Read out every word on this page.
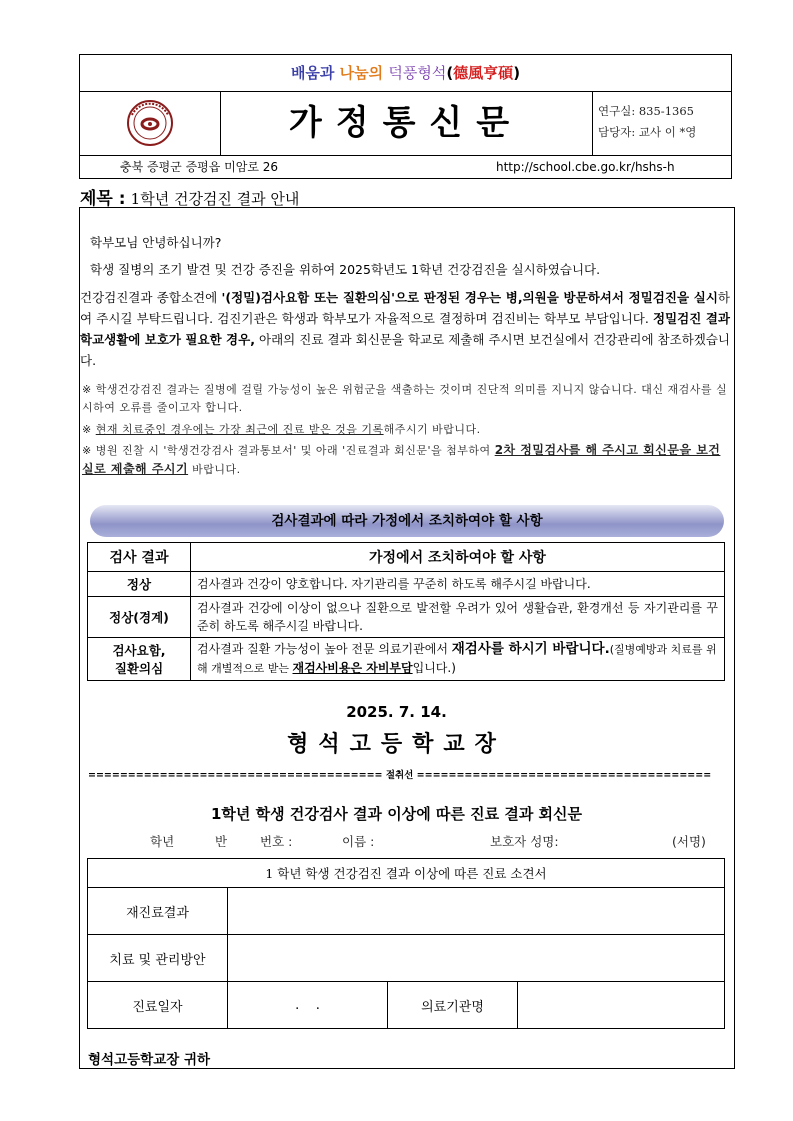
배움과 나눔의 덕풍형석(德風亨碩)
가정통신문	연구실: 835-1365
담당자: 교사 이 *영
충북 증평군 증평읍 미암로 26	http://school.cbe.go.kr/hshs-h
제목 : 1학년 건강검진 결과 안내
학부모님 안녕하십니까?
학생 질병의 조기 발견 및 건강 증진을 위하여 2025학년도 1학년 건강검진을 실시하였습니다.
건강검진결과 종합소견에 '(정밀)검사요함 또는 질환의심'으로 판정된 경우는 병,의원을 방문하셔서 정밀검진을 실시하여 주시길 부탁드립니다. 검진기관은 학생과 학부모가 자율적으로 결정하며 검진비는 학부모 부담입니다. 정밀검진 결과 학교생활에 보호가 필요한 경우, 아래의 진료 결과 회신문을 학교로 제출해 주시면 보건실에서 건강관리에 참조하겠습니다.
※ 학생건강검진 결과는 질병에 걸릴 가능성이 높은 위험군을 색출하는 것이며 진단적 의미를 지니지 않습니다. 대신 재검사를 실시하여 오류를 줄이고자 합니다.
※ 현재 치료중인 경우에는 가장 최근에 진료 받은 것을 기록해주시기 바랍니다.
※ 병원 진찰 시 '학생건강검사 결과통보서' 및 아래 '진료결과 회신문'을 첨부하여 2차 정밀검사를 해 주시고 회신문을 보건실로 제출해 주시기 바랍니다.
검사결과에 따라 가정에서 조치하여야 할 사항
검사 결과	가정에서 조치하여야 할 사항
정상	검사결과 건강이 양호합니다. 자기관리를 꾸준히 하도록 해주시길 바랍니다.
정상(경계)	검사결과 건강에 이상이 없으나 질환으로 발전할 우려가 있어 생활습관, 환경개선 등 자기관리를 꾸준히 하도록 해주시길 바랍니다.

검사요함,
질환의심	검사결과 질환 가능성이 높아 전문 의료기관에서 재검사를 하시기 바랍니다.(질병예방과 치료를 위해 개별적으로 받는 재검사비용은 자비부담입니다.)
2025. 7. 14.
형석고등학교장
===================================== 절취선 =====================================
1학년 학생 건강검사 결과 이상에 따른 진료 결과 회신문
학년	반	번호 :	이름 :	보호자 성명:	(서명)
1 학년 학생 건강검진 결과 이상에 따른 진료 소견서			
재진료결과			
치료 및 관리방안			
진료일자	.    .	의료기관명	
형석고등학교장 귀하
